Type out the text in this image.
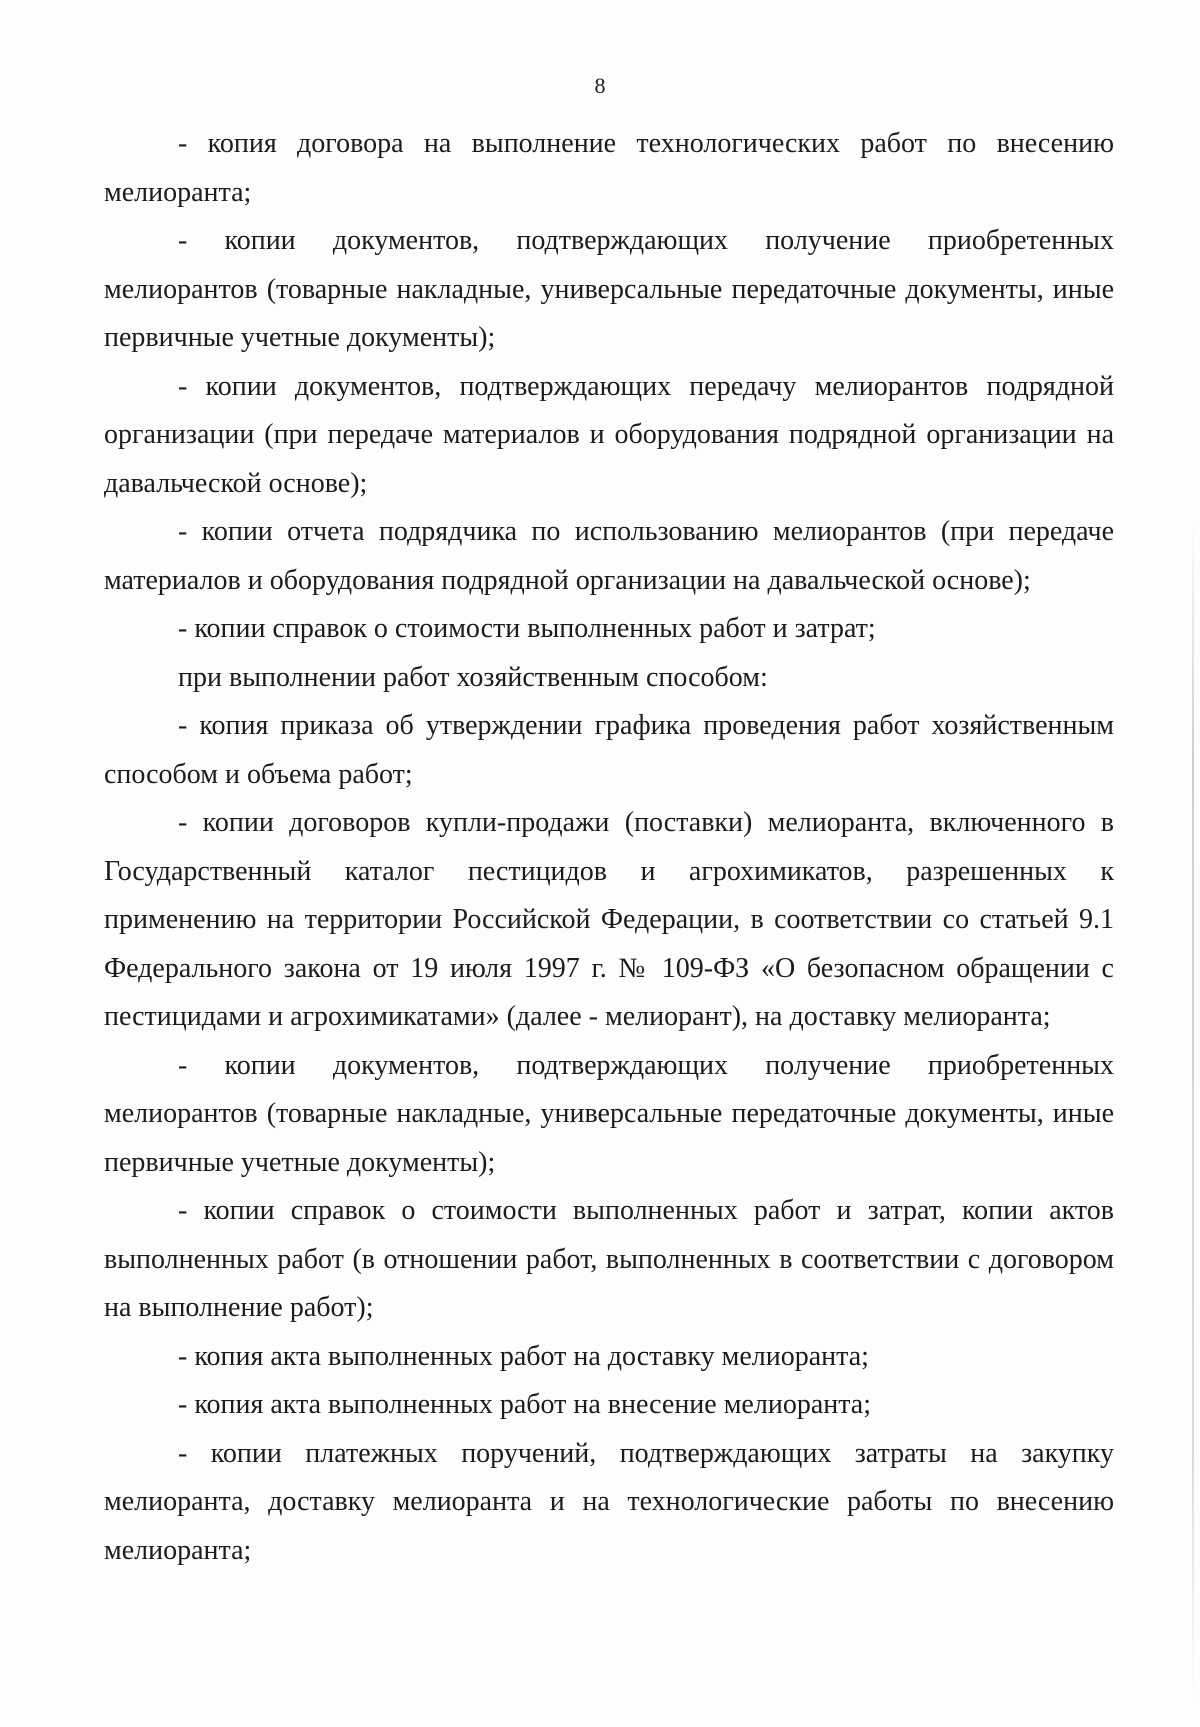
8

- копия договора на выполнение технологических работ по внесению мелиоранта;

- копии документов, подтверждающих получение приобретенных мелиорантов (товарные накладные, универсальные передаточные документы, иные первичные учетные документы);

- копии документов, подтверждающих передачу мелиорантов подрядной организации (при передаче материалов и оборудования подрядной организации на давальческой основе);

- копии отчета подрядчика по использованию мелиорантов (при передаче материалов и оборудования подрядной организации на давальческой основе);

- копии справок о стоимости выполненных работ и затрат;

при выполнении работ хозяйственным способом:

- копия приказа об утверждении графика проведения работ хозяйственным способом и объема работ;

- копии договоров купли-продажи (поставки) мелиоранта, включенного в Государственный каталог пестицидов и агрохимикатов, разрешенных к применению на территории Российской Федерации, в соответствии со статьей 9.1 Федерального закона от 19 июля 1997 г. № 109-ФЗ «О безопасном обращении с пестицидами и агрохимикатами» (далее - мелиорант), на доставку мелиоранта;

- копии документов, подтверждающих получение приобретенных мелиорантов (товарные накладные, универсальные передаточные документы, иные первичные учетные документы);

- копии справок о стоимости выполненных работ и затрат, копии актов выполненных работ (в отношении работ, выполненных в соответствии с договором на выполнение работ);

- копия акта выполненных работ на доставку мелиоранта;

- копия акта выполненных работ на внесение мелиоранта;

- копии платежных поручений, подтверждающих затраты на закупку мелиоранта, доставку мелиоранта и на технологические работы по внесению мелиоранта;
